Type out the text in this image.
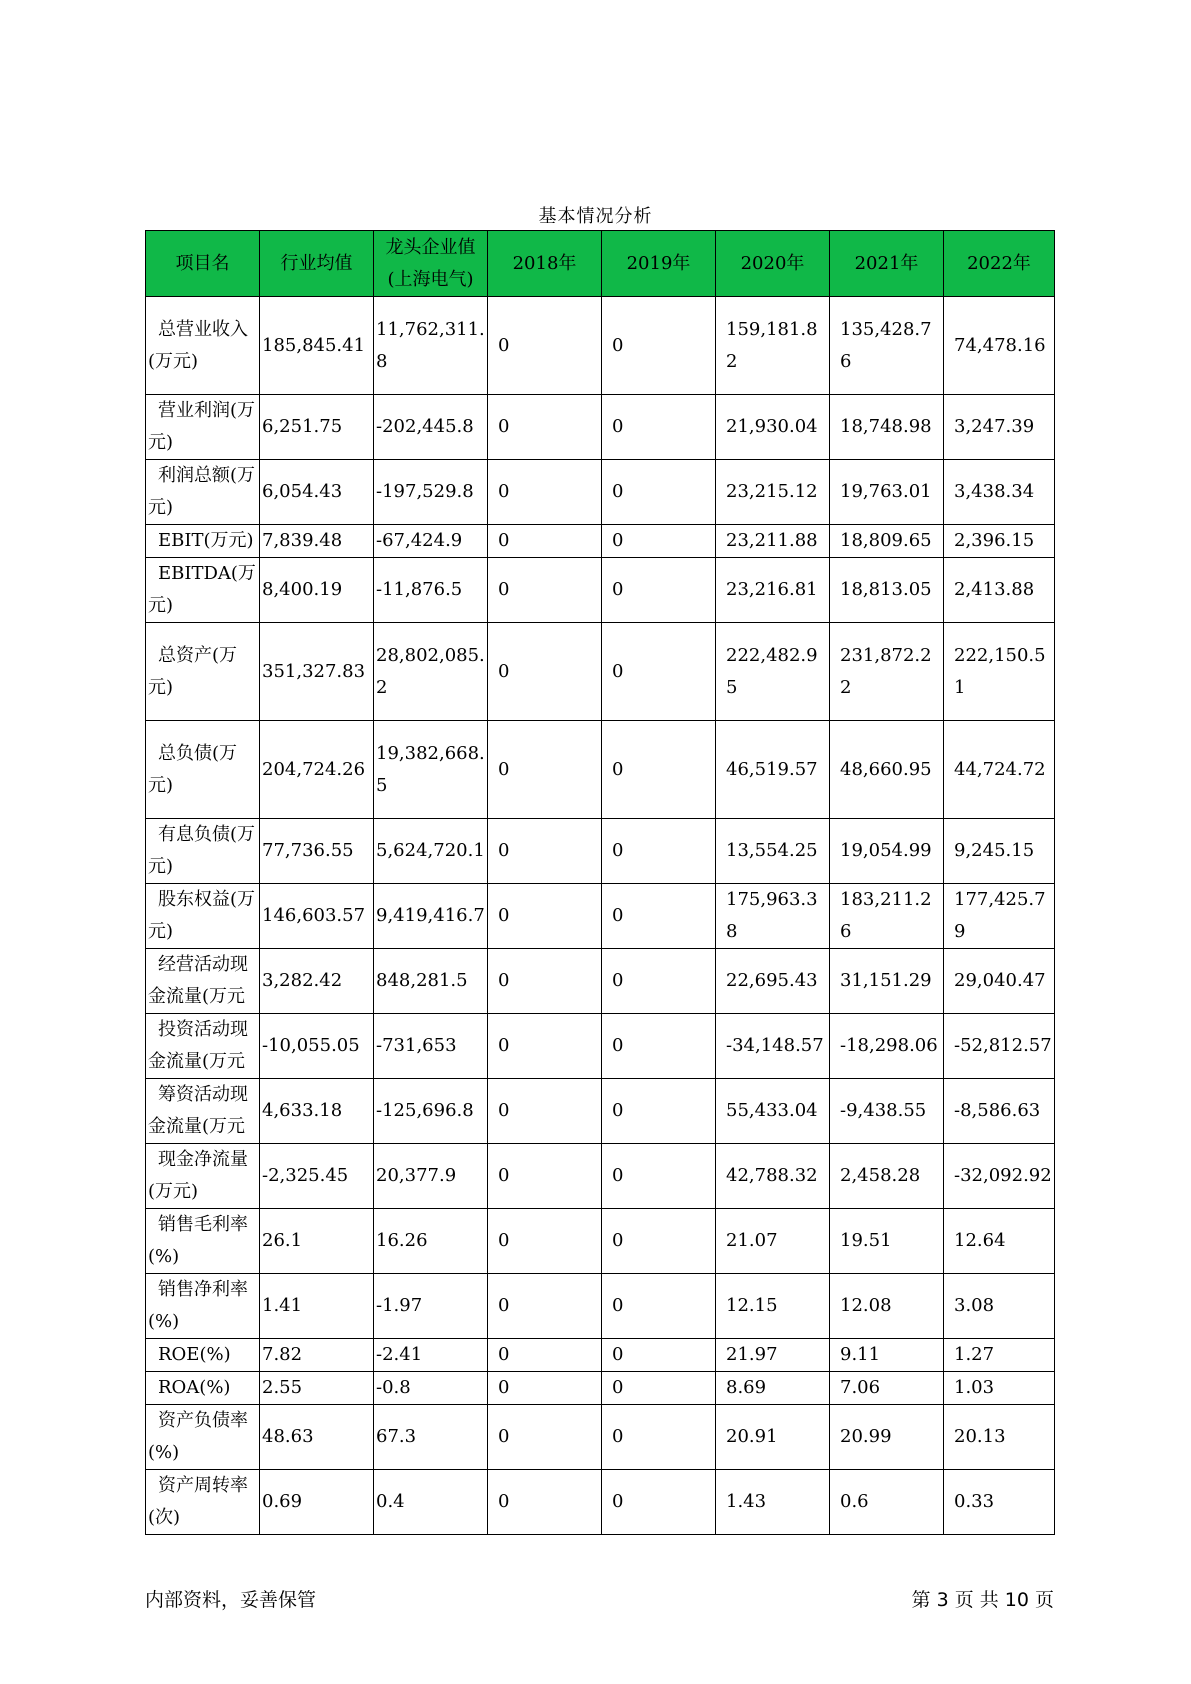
基本情况分析
项目名	行业均值	龙头企业值(上海电气)	2018年	2019年	2020年	2021年	2022年
总营业收入(万元)	185,845.41	11,762,311.8	0	0	159,181.82	135,428.76	74,478.16
营业利润(万元)	6,251.75	-202,445.8	0	0	21,930.04	18,748.98	3,247.39
利润总额(万元)	6,054.43	-197,529.8	0	0	23,215.12	19,763.01	3,438.34
EBIT(万元)	7,839.48	-67,424.9	0	0	23,211.88	18,809.65	2,396.15
EBITDA(万元)	8,400.19	-11,876.5	0	0	23,216.81	18,813.05	2,413.88
总资产(万元)	351,327.83	28,802,085.2	0	0	222,482.95	231,872.22	222,150.51
总负债(万元)	204,724.26	19,382,668.5	0	0	46,519.57	48,660.95	44,724.72
有息负债(万元)	77,736.55	5,624,720.1	0	0	13,554.25	19,054.99	9,245.15
股东权益(万元)	146,603.57	9,419,416.7	0	0	175,963.38	183,211.26	177,425.79
经营活动现金流量(万元	3,282.42	848,281.5	0	0	22,695.43	31,151.29	29,040.47
投资活动现金流量(万元	-10,055.05	-731,653	0	0	-34,148.57	-18,298.06	-52,812.57
筹资活动现金流量(万元	4,633.18	-125,696.8	0	0	55,433.04	-9,438.55	-8,586.63
现金净流量(万元)	-2,325.45	20,377.9	0	0	42,788.32	2,458.28	-32,092.92
销售毛利率(%)	26.1	16.26	0	0	21.07	19.51	12.64
销售净利率(%)	1.41	-1.97	0	0	12.15	12.08	3.08
ROE(%)	7.82	-2.41	0	0	21.97	9.11	1.27
ROA(%)	2.55	-0.8	0	0	8.69	7.06	1.03
资产负债率(%)	48.63	67.3	0	0	20.91	20.99	20.13
资产周转率(次)	0.69	0.4	0	0	1.43	0.6	0.33
内部资料，妥善保管	第 3 页 共 10 页
